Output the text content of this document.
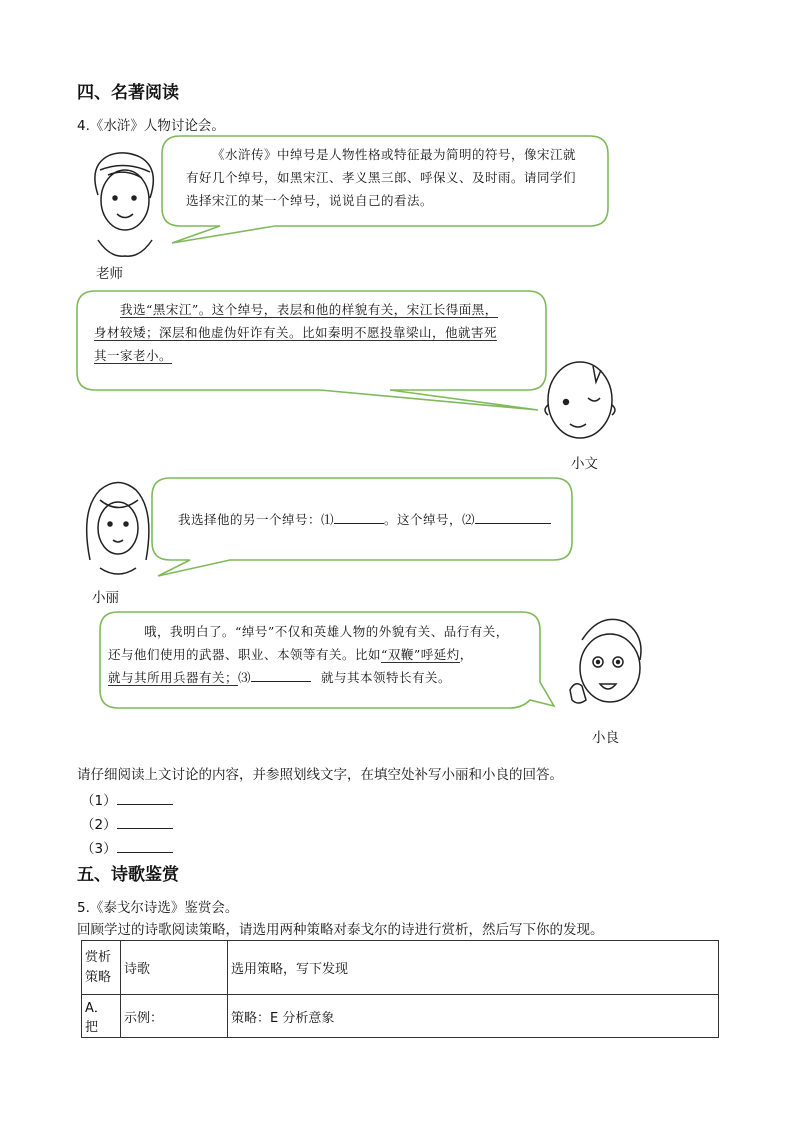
四、名著阅读
4.《水浒》人物讨论会。
《水浒传》中绰号是人物性格或特征最为简明的符号，像宋江就
有好几个绰号，如黑宋江、孝义黑三郎、呼保义、及时雨。请同学们
选择宋江的某一个绰号，说说自己的看法。
老师
我选“黑宋江”。这个绰号，表层和他的样貌有关，宋江长得面黑，
身材较矮；深层和他虚伪奸诈有关。比如秦明不愿投靠梁山，他就害死
其一家老小。
小文
我选择他的另一个绰号：⑴	。这个绰号，⑵
小丽
哦，我明白了。“绰号”不仅和英雄人物的外貌有关、品行有关，
还与他们使用的武器、职业、本领等有关。比如“双鞭”呼延灼，
就与其所用兵器有关；⑶	就与其本领特长有关。
小良
请仔细阅读上文讨论的内容，并参照划线文字，在填空处补写小丽和小良的回答。
（1）
（2）
（3）
五、诗歌鉴赏
5.《泰戈尔诗选》鉴赏会。
回顾学过的诗歌阅读策略，请选用两种策略对泰戈尔的诗进行赏析，然后写下你的发现。
赏析策略	诗歌	选用策略，写下发现
A．把	示例：	策略：E 分析意象
